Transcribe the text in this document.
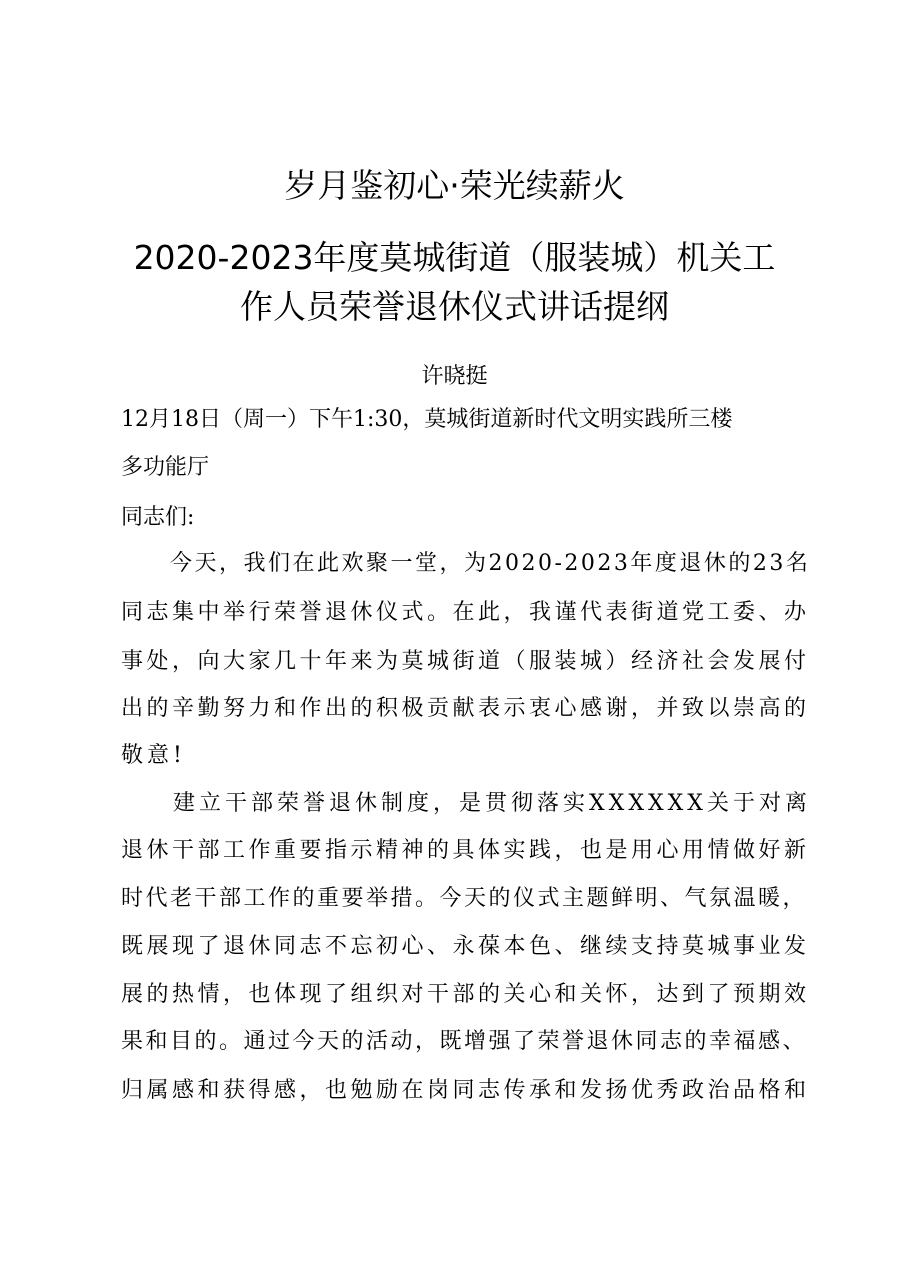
岁月鉴初心·荣光续薪火
2020-2023年度莫城街道（服装城）机关工
作人员荣誉退休仪式讲话提纲
许晓挺
12月18日（周一）下午1:30，莫城街道新时代文明实践所三楼
多功能厅
同志们:
　　今天，我们在此欢聚一堂，为2020-2023年度退休的23名
同志集中举行荣誉退休仪式。在此，我谨代表街道党工委、办
事处，向大家几十年来为莫城街道（服装城）经济社会发展付
出的辛勤努力和作出的积极贡献表示衷心感谢，并致以崇高的
敬意!
　　建立干部荣誉退休制度，是贯彻落实XXXXXX关于对离
退休干部工作重要指示精神的具体实践，也是用心用情做好新
时代老干部工作的重要举措。今天的仪式主题鲜明、气氛温暖，
既展现了退休同志不忘初心、永葆本色、继续支持莫城事业发
展的热情，也体现了组织对干部的关心和关怀，达到了预期效
果和目的。通过今天的活动，既增强了荣誉退休同志的幸福感、
归属感和获得感，也勉励在岗同志传承和发扬优秀政治品格和
